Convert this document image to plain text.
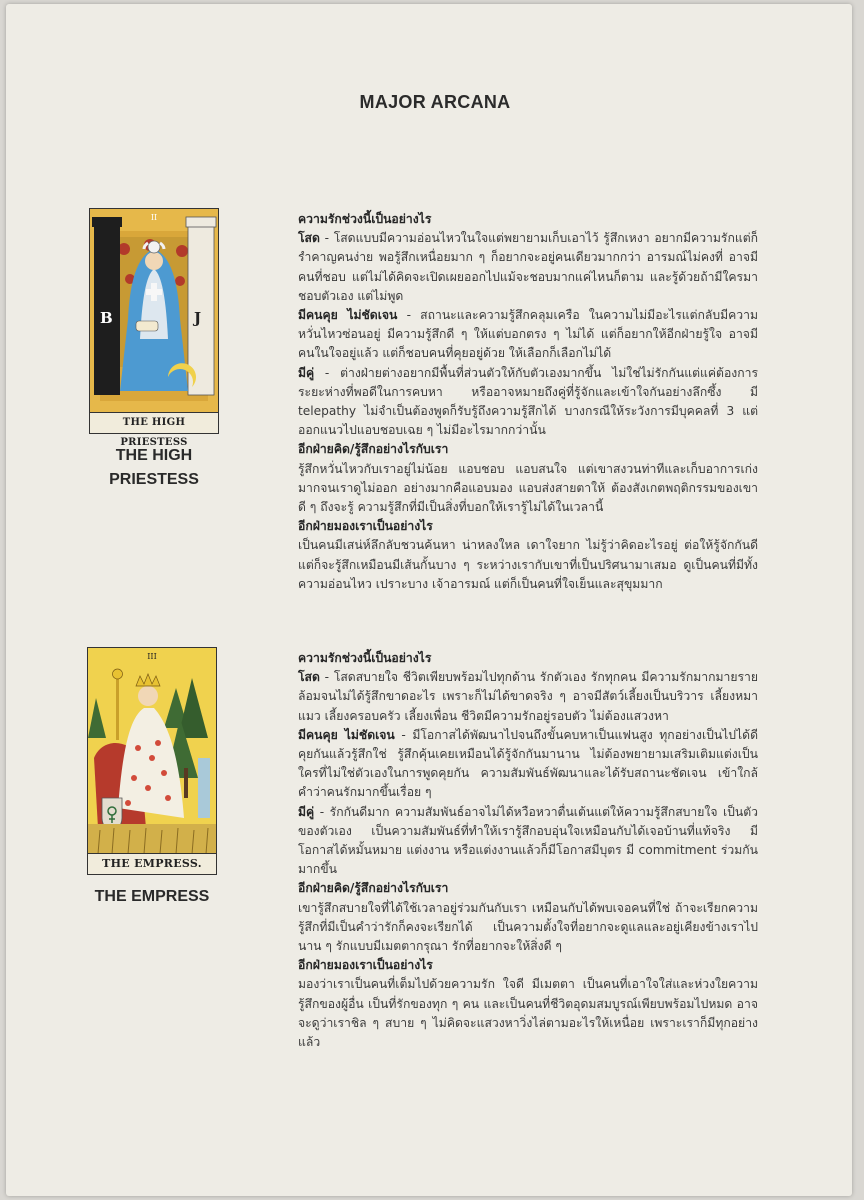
MAJOR ARCANA
II
B	J
THE HIGH PRIESTESS
THE HIGH
PRIESTESS
ความรักช่วงนี้เป็นอย่างไร

โสด - โสดแบบมีความอ่อนไหวในใจแต่พยายามเก็บเอาไว้ รู้สึกเหงา อยากมีความรักแต่ก็รำคาญคนง่าย พอรู้สึกเหนื่อยมาก ๆ ก็อยากจะอยู่คนเดียวมากกว่า อารมณ์ไม่คงที่ อาจมีคนที่ชอบ แต่ไม่ได้คิดจะเปิดเผยออกไปแม้จะชอบมากแค่ไหนก็ตาม และรู้ด้วยถ้ามีใครมาชอบตัวเอง แต่ไม่พูด

มีคนคุย ไม่ชัดเจน - สถานะและความรู้สึกคลุมเครือ ในความไม่มีอะไรแต่กลับมีความหวั่นไหวซ่อนอยู่ มีความรู้สึกดี ๆ ให้แต่บอกตรง ๆ ไม่ได้ แต่ก็อยากให้อีกฝ่ายรู้ใจ อาจมีคนในใจอยู่แล้ว แต่ก็ชอบคนที่คุยอยู่ด้วย ให้เลือกก็เลือกไม่ได้

มีคู่ - ต่างฝ่ายต่างอยากมีพื้นที่ส่วนตัวให้กับตัวเองมากขึ้น ไม่ใช่ไม่รักกันแต่แค่ต้องการระยะห่างที่พอดีในการคบหา หรืออาจหมายถึงคู่ที่รู้จักและเข้าใจกันอย่างลึกซึ้ง มี telepathy ไม่จำเป็นต้องพูดก็รับรู้ถึงความรู้สึกได้ บางกรณีให้ระวังการมีบุคคลที่ 3 แต่ออกแนวไปแอบชอบเฉย ๆ ไม่มีอะไรมากกว่านั้น

อีกฝ่ายคิด/รู้สึกอย่างไรกับเรา

รู้สึกหวั่นไหวกับเราอยู่ไม่น้อย แอบชอบ แอบสนใจ แต่เขาสงวนท่าทีและเก็บอาการเก่งมากจนเราดูไม่ออก อย่างมากคือแอบมอง แอบส่งสายตาให้ ต้องสังเกตพฤติกรรมของเขาดี ๆ ถึงจะรู้ ความรู้สึกที่มีเป็นสิ่งที่บอกให้เรารู้ไม่ได้ในเวลานี้

อีกฝ่ายมองเราเป็นอย่างไร

เป็นคนมีเสน่ห์ลึกลับชวนค้นหา น่าหลงใหล เดาใจยาก ไม่รู้ว่าคิดอะไรอยู่ ต่อให้รู้จักกันดีแต่ก็จะรู้สึกเหมือนมีเส้นกั้นบาง ๆ ระหว่างเรากับเขาที่เป็นปริศนามาเสมอ ดูเป็นคนที่มีทั้งความอ่อนไหว เปราะบาง เจ้าอารมณ์ แต่ก็เป็นคนที่ใจเย็นและสุขุมมาก

III
THE EMPRESS.
THE EMPRESS
ความรักช่วงนี้เป็นอย่างไร

โสด - โสดสบายใจ ชีวิตเพียบพร้อมไปทุกด้าน รักตัวเอง รักทุกคน มีความรักมากมายรายล้อมจนไม่ได้รู้สึกขาดอะไร เพราะก็ไม่ได้ขาดจริง ๆ อาจมีสัตว์เลี้ยงเป็นบริวาร เลี้ยงหมาแมว เลี้ยงครอบครัว เลี้ยงเพื่อน ชีวิตมีความรักอยู่รอบตัว ไม่ต้องแสวงหา

มีคนคุย ไม่ชัดเจน - มีโอกาสได้พัฒนาไปจนถึงขั้นคบหาเป็นแฟนสูง ทุกอย่างเป็นไปได้ดี คุยกันแล้วรู้สึกใช่ รู้สึกคุ้นเคยเหมือนได้รู้จักกันมานาน ไม่ต้องพยายามเสริมเติมแต่งเป็นใครที่ไม่ใช่ตัวเองในการพูดคุยกัน ความสัมพันธ์พัฒนาและได้รับสถานะชัดเจน เข้าใกล้คำว่าคนรักมากขึ้นเรื่อย ๆ

มีคู่ - รักกันดีมาก ความสัมพันธ์อาจไม่ได้หวือหวาตื่นเต้นแต่ให้ความรู้สึกสบายใจ เป็นตัวของตัวเอง เป็นความสัมพันธ์ที่ทำให้เรารู้สึกอบอุ่นใจเหมือนกับได้เจอบ้านที่แท้จริง มีโอกาสได้หมั้นหมาย แต่งงาน หรือแต่งงานแล้วก็มีโอกาสมีบุตร มี commitment ร่วมกันมากขึ้น

อีกฝ่ายคิด/รู้สึกอย่างไรกับเรา

เขารู้สึกสบายใจที่ได้ใช้เวลาอยู่ร่วมกันกับเรา เหมือนกับได้พบเจอคนที่ใช่ ถ้าจะเรียกความรู้สึกที่มีเป็นคำว่ารักก็คงจะเรียกได้ เป็นความตั้งใจที่อยากจะดูแลและอยู่เคียงข้างเราไปนาน ๆ รักแบบมีเมตตากรุณา รักที่อยากจะให้สิ่งดี ๆ

อีกฝ่ายมองเราเป็นอย่างไร

มองว่าเราเป็นคนที่เต็มไปด้วยความรัก ใจดี มีเมตตา เป็นคนที่เอาใจใส่และห่วงใยความรู้สึกของผู้อื่น เป็นที่รักของทุก ๆ คน และเป็นคนที่ชีวิตอุดมสมบูรณ์เพียบพร้อมไปหมด อาจจะดูว่าเราชิล ๆ สบาย ๆ ไม่คิดจะแสวงหาวิ่งไล่ตามอะไรให้เหนื่อย เพราะเราก็มีทุกอย่างแล้ว
